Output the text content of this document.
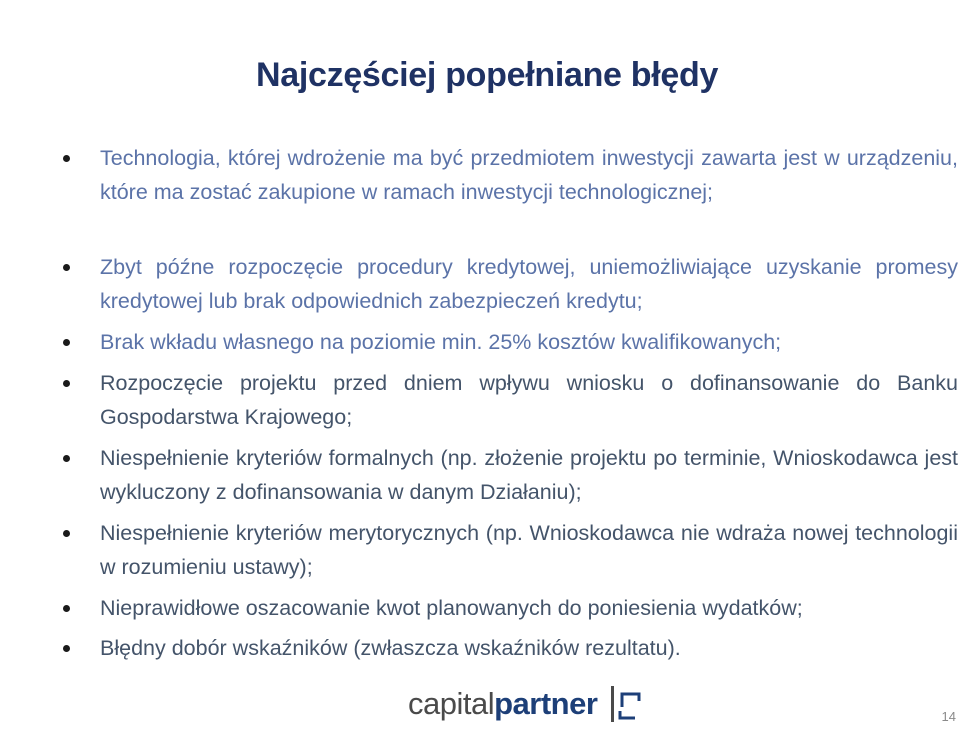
Najczęściej popełniane błędy
Technologia, której wdrożenie ma być przedmiotem inwestycji zawarta jest w urządzeniu, które ma zostać zakupione w ramach inwestycji technologicznej;
Zbyt późne rozpoczęcie procedury kredytowej, uniemożliwiające uzyskanie promesy kredytowej lub brak odpowiednich zabezpieczeń kredytu;
Brak wkładu własnego na poziomie min. 25% kosztów kwalifikowanych;
Rozpoczęcie projektu przed dniem wpływu wniosku o dofinansowanie do Banku Gospodarstwa Krajowego;
Niespełnienie kryteriów formalnych (np. złożenie projektu po terminie, Wnioskodawca jest wykluczony z dofinansowania w danym Działaniu);
Niespełnienie kryteriów merytorycznych (np. Wnioskodawca nie wdraża nowej technologii w rozumieniu ustawy);
Nieprawidłowe oszacowanie kwot planowanych do poniesienia wydatków;
Błędny dobór wskaźników (zwłaszcza wskaźników rezultatu).
capitalpartner	14
